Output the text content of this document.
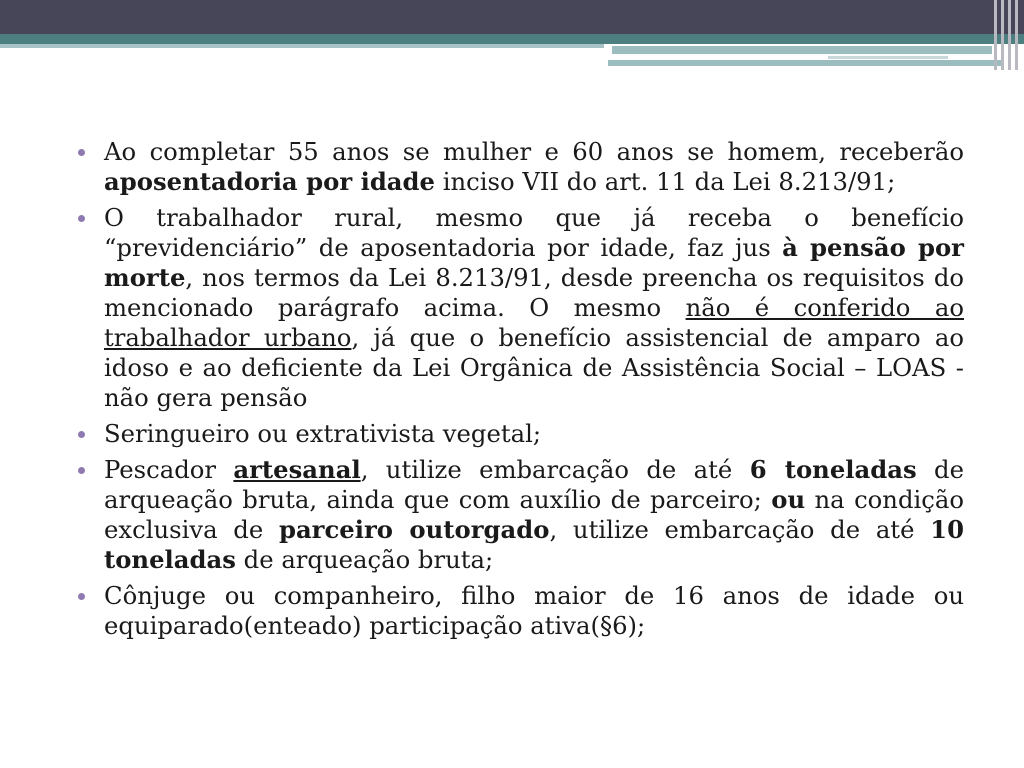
Ao completar 55 anos se mulher e 60 anos se homem, receberão aposentadoria por idade inciso VII do art. 11 da Lei 8.213/91;
O trabalhador rural, mesmo que já receba o benefício “previdenciário” de aposentadoria por idade, faz jus à pensão por morte, nos termos da Lei 8.213/91, desde preencha os requisitos do mencionado parágrafo acima. O mesmo não é conferido ao trabalhador urbano, já que o benefício assistencial de amparo ao idoso e ao deficiente da Lei Orgânica de Assistência Social – LOAS - não gera pensão
Seringueiro ou extrativista vegetal;
Pescador artesanal, utilize embarcação de até 6 toneladas de arqueação bruta, ainda que com auxílio de parceiro; ou na condição exclusiva de parceiro outorgado, utilize embarcação de até 10 toneladas de arqueação bruta;
Cônjuge ou companheiro, filho maior de 16 anos de idade ou equiparado(enteado) participação ativa(§6);
